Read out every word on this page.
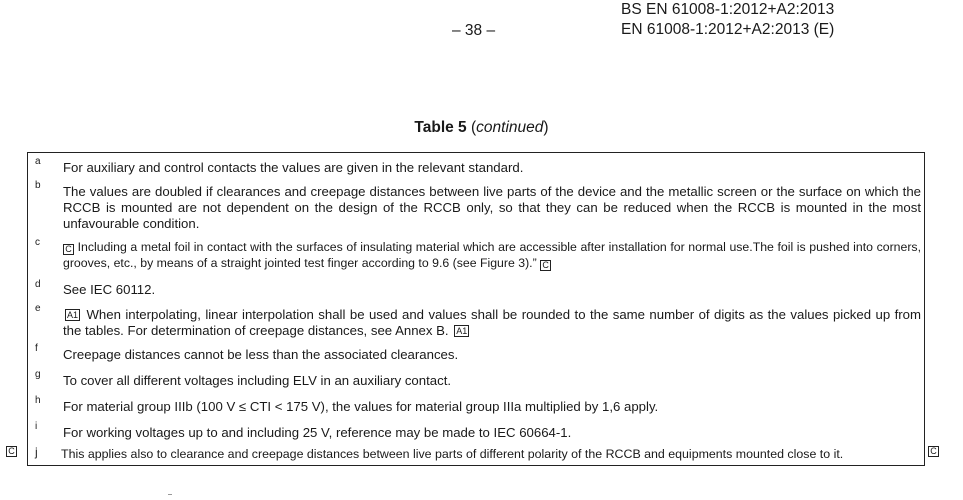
– 38 –
BS EN 61008-1:2012+A2:2013
EN 61008-1:2012+A2:2013 (E)
Table 5 (continued)
a For auxiliary and control contacts the values are given in the relevant standard.
b The values are doubled if clearances and creepage distances between live parts of the device and the metallic screen or the surface on which the RCCB is mounted are not dependent on the design of the RCCB only, so that they can be reduced when the RCCB is mounted in the most unfavourable condition.
c
C Including a metal foil in contact with the surfaces of insulating material which are accessible after installation for normal use.The foil is pushed into corners, grooves, etc., by means of a straight jointed test finger according to 9.6 (see Figure 3).” C
d See IEC 60112.
e
A1 When interpolating, linear interpolation shall be used and values shall be rounded to the same number of digits as the values picked up from the tables. For determination of creepage distances, see Annex B. A1
f Creepage distances cannot be less than the associated clearances.
g To cover all different voltages including ELV in an auxiliary contact.
h For material group IIIb (100 V ≤ CTI < 175 V), the values for material group IIIa multiplied by 1,6 apply.
i For working voltages up to and including 25 V, reference may be made to IEC 60664-1.
C j This applies also to clearance and creepage distances between live parts of different polarity of the RCCB and equipments mounted close to it.	C
